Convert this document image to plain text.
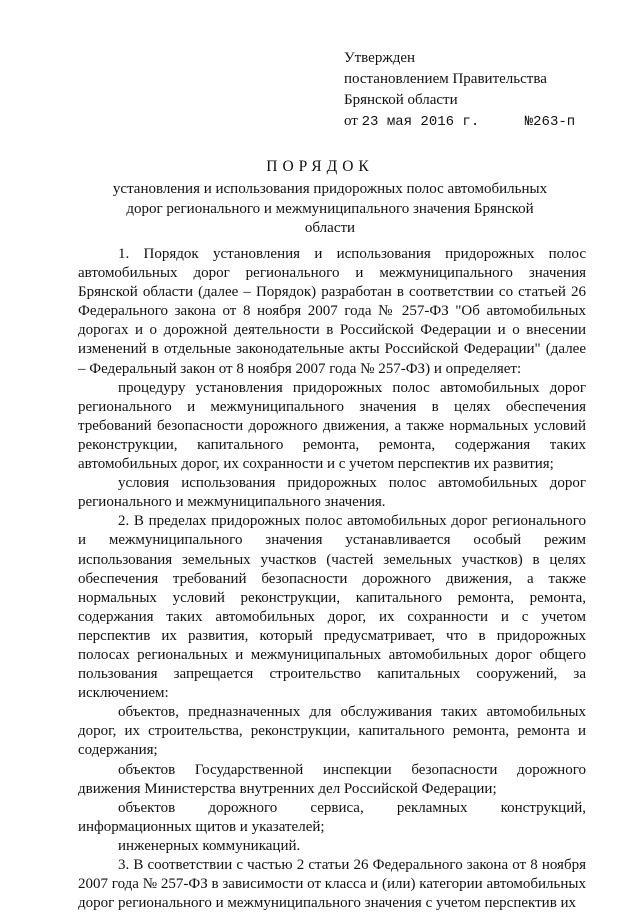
Утвержден
постановлением Правительства
Брянской области
от 23 мая 2016 г.	№263-п
ПОРЯДОК
установления и использования придорожных полос автомобильных дорог регионального и межмуниципального значения Брянской области

1. Порядок установления и использования придорожных полос автомобильных дорог регионального и межмуниципального значения Брянской области (далее – Порядок) разработан в соответствии со статьей 26 Федерального закона от 8 ноября 2007 года № 257-ФЗ "Об автомобильных дорогах и о дорожной деятельности в Российской Федерации и о внесении изменений в отдельные законодательные акты Российской Федерации" (далее – Федеральный закон от 8 ноября 2007 года № 257-ФЗ) и определяет:

процедуру установления придорожных полос автомобильных дорог регионального и межмуниципального значения в целях обеспечения требований безопасности дорожного движения, а также нормальных условий реконструкции, капитального ремонта, ремонта, содержания таких автомобильных дорог, их сохранности и с учетом перспектив их развития;

условия использования придорожных полос автомобильных дорог регионального и межмуниципального значения.

2. В пределах придорожных полос автомобильных дорог регионального и межмуниципального значения устанавливается особый режим использования земельных участков (частей земельных участков) в целях обеспечения требований безопасности дорожного движения, а также нормальных условий реконструкции, капитального ремонта, ремонта, содержания таких автомобильных дорог, их сохранности и с учетом перспектив их развития, который предусматривает, что в придорожных полосах региональных и межмуниципальных автомобильных дорог общего пользования запрещается строительство капитальных сооружений, за исключением:

объектов, предназначенных для обслуживания таких автомобильных дорог, их строительства, реконструкции, капитального ремонта, ремонта и содержания;

объектов Государственной инспекции безопасности дорожного движения Министерства внутренних дел Российской Федерации;

объектов дорожного сервиса, рекламных конструкций, информационных щитов и указателей;

инженерных коммуникаций.

3. В соответствии с частью 2 статьи 26 Федерального закона от 8 ноября 2007 года № 257-ФЗ в зависимости от класса и (или) категории автомобильных дорог регионального и межмуниципального значения с учетом перспектив их
